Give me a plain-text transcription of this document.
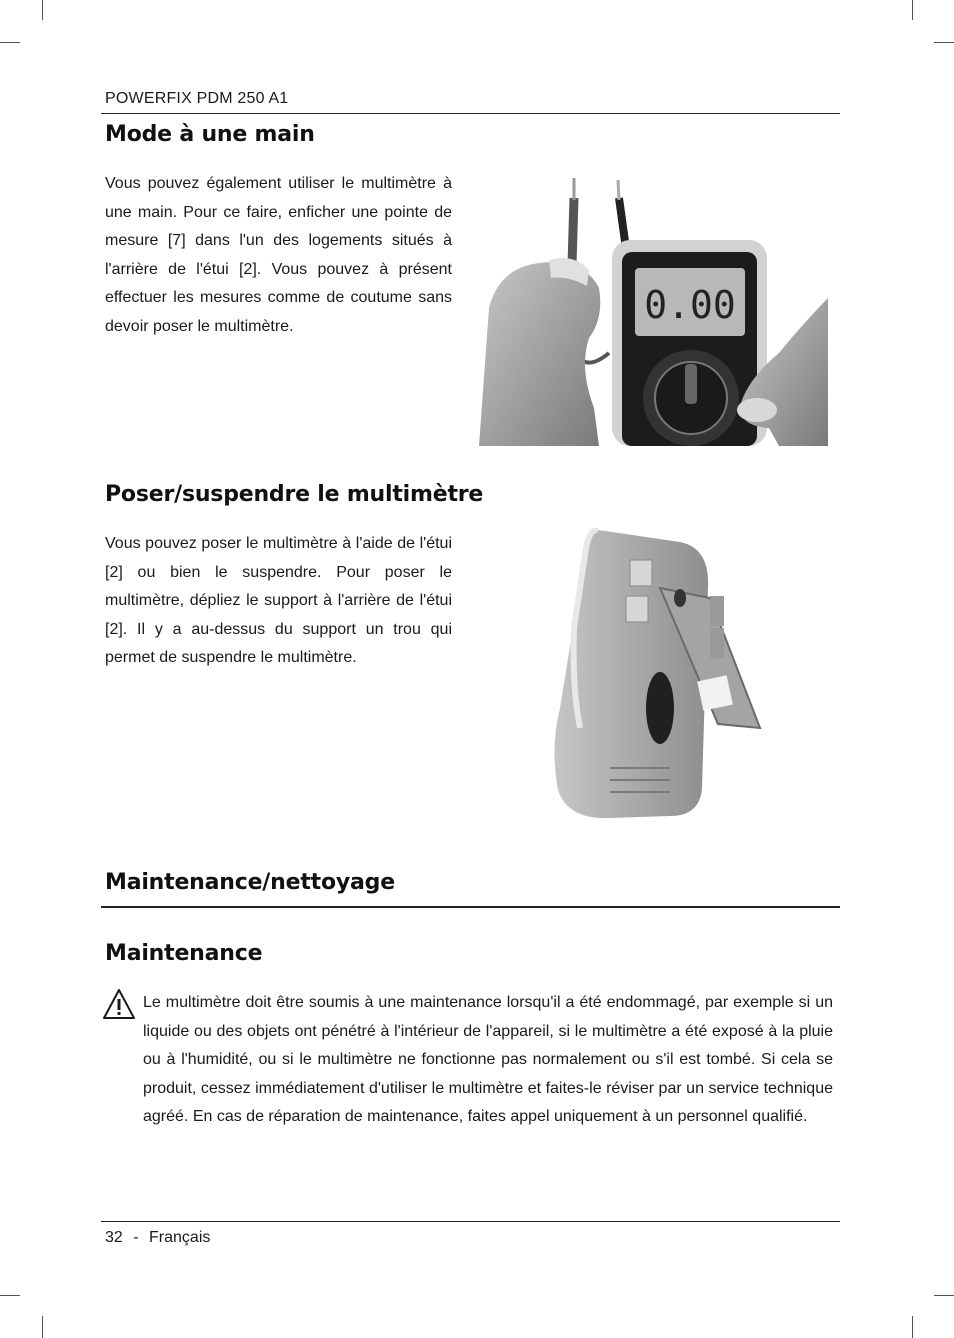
POWERFIX PDM 250 A1
Mode à une main

Vous pouvez également utiliser le multimètre à une main. Pour ce faire, enficher une pointe de mesure [7] dans l'un des logements situés à l'arrière de l'étui [2]. Vous pouvez à présent effectuer les mesures comme de coutume sans devoir poser le multimètre.	0.00
Poser/suspendre le multimètre

Vous pouvez poser le multimètre à l'aide de l'étui [2] ou bien le suspendre. Pour poser le multimètre, dépliez le support à l'arrière de l'étui [2]. Il y a au-dessus du support un trou qui permet de suspendre le multimètre.

Maintenance/nettoyage
Maintenance

Le multimètre doit être soumis à une maintenance lorsqu'il a été endommagé, par exemple si un liquide ou des objets ont pénétré à l'intérieur de l'appareil, si le multimètre a été exposé à la pluie ou à l'humidité, ou si le multimètre ne fonctionne pas normalement ou s'il est tombé. Si cela se produit, cessez immédiatement d'utiliser le multimètre et faites-le réviser par un service technique agréé. En cas de réparation de maintenance, faites appel uniquement à un personnel qualifié.

32 - Français
